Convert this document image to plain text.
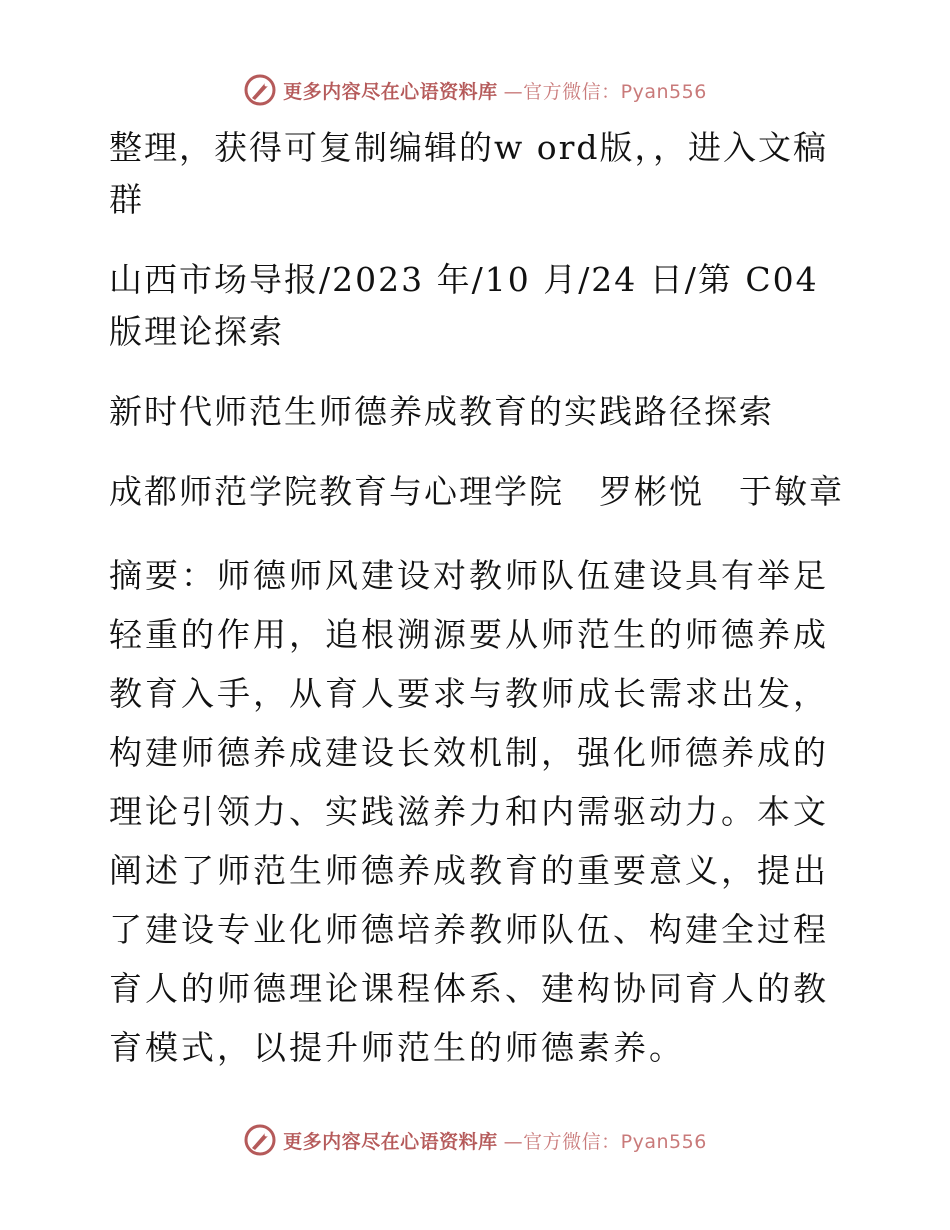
更多内容尽在心语资料库 —官方微信：Pyan556

整理，获得可复制编辑的w ord版，，进入文稿群

山西市场导报/2023 年/10 月/24 日/第 C04 版理论探索

新时代师范生师德养成教育的实践路径探索

成都师范学院教育与心理学院　罗彬悦　于敏章

摘要：师德师风建设对教师队伍建设具有举足轻重的作用，追根溯源要从师范生的师德养成教育入手，从育人要求与教师成长需求出发，构建师德养成建设长效机制，强化师德养成的理论引领力、实践滋养力和内需驱动力。本文阐述了师范生师德养成教育的重要意义，提出了建设专业化师德培养教师队伍、构建全过程育人的师德理论课程体系、建构协同育人的教育模式，以提升师范生的师德素养。

更多内容尽在心语资料库 —官方微信：Pyan556
